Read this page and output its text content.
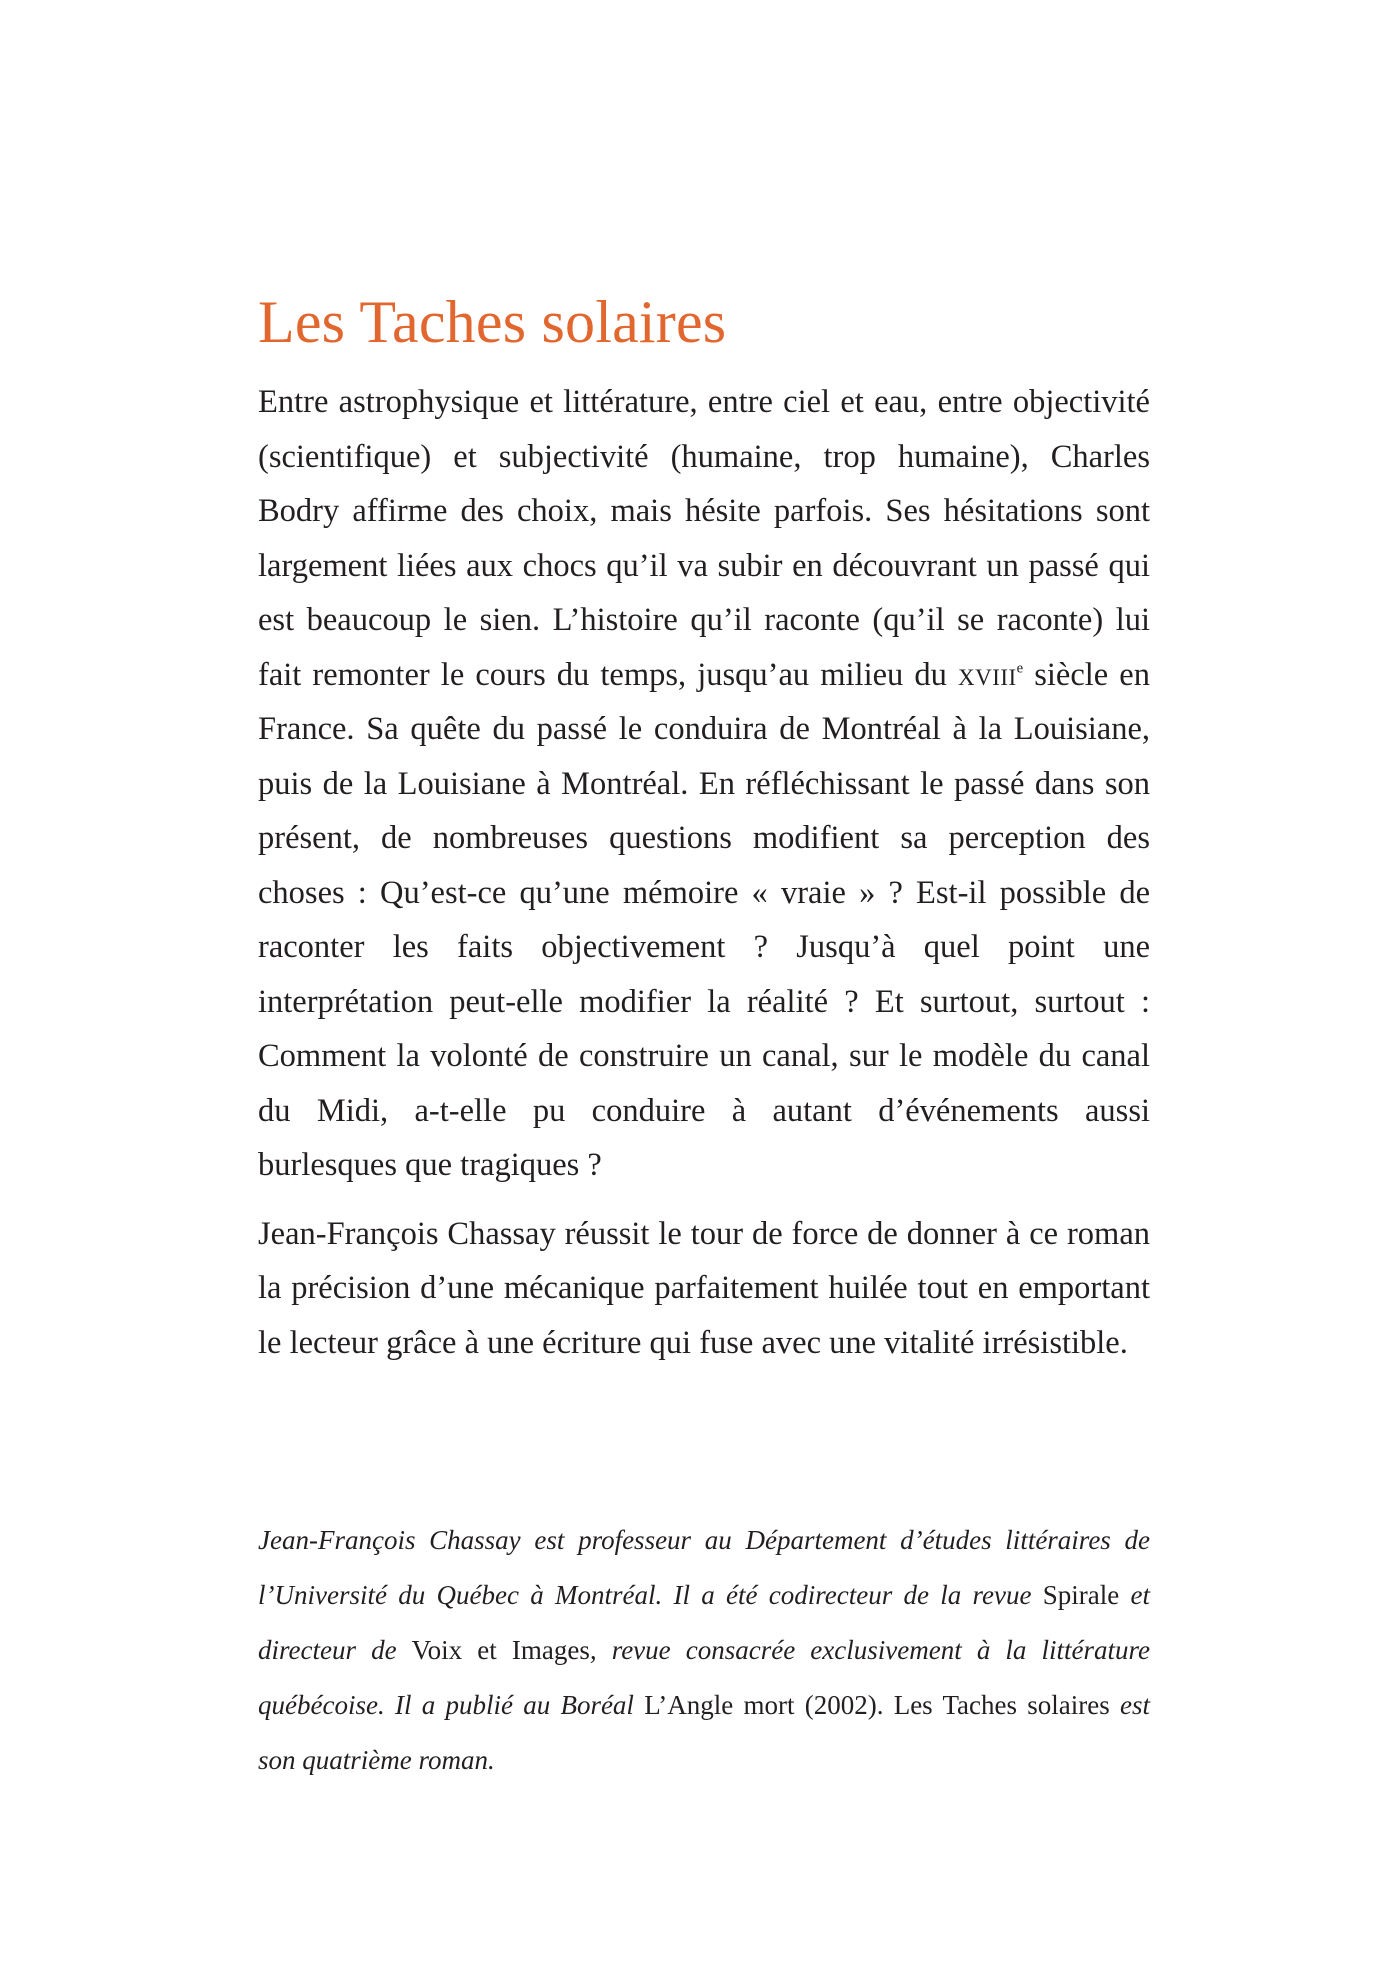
Les Taches solaires

Entre astrophysique et littérature, entre ciel et eau, entre objectivité (scientifique) et subjectivité (humaine, trop humaine), Charles Bodry affirme des choix, mais hésite parfois. Ses hésitations sont largement liées aux chocs qu’il va subir en découvrant un passé qui est beaucoup le sien. L’histoire qu’il raconte (qu’il se raconte) lui fait remonter le cours du temps, jusqu’au milieu du xviii$^e$ siècle en France. Sa quête du passé le conduira de Montréal à la Louisiane, puis de la Louisiane à Montréal. En réfléchissant le passé dans son présent, de nombreuses questions modifient sa perception des choses : Qu’est-ce qu’une mémoire « vraie » ? Est-il possible de raconter les faits objectivement ? Jusqu’à quel point une interprétation peut-elle modifier la réalité ? Et surtout, surtout : Comment la volonté de construire un canal, sur le modèle du canal du Midi, a-t-elle pu conduire à autant d’événements aussi burlesques que tragiques ?

Jean-François Chassay réussit le tour de force de donner à ce roman la précision d’une mécanique parfaitement huilée tout en emportant le lecteur grâce à une écriture qui fuse avec une vitalité irrésistible.

Jean-François Chassay est professeur au Département d’études littéraires de l’Université du Québec à Montréal. Il a été codirecteur de la revue Spirale et directeur de Voix et Images, revue consacrée exclusivement à la littérature québécoise. Il a publié au Boréal L’Angle mort (2002). Les Taches solaires est son quatrième roman.
